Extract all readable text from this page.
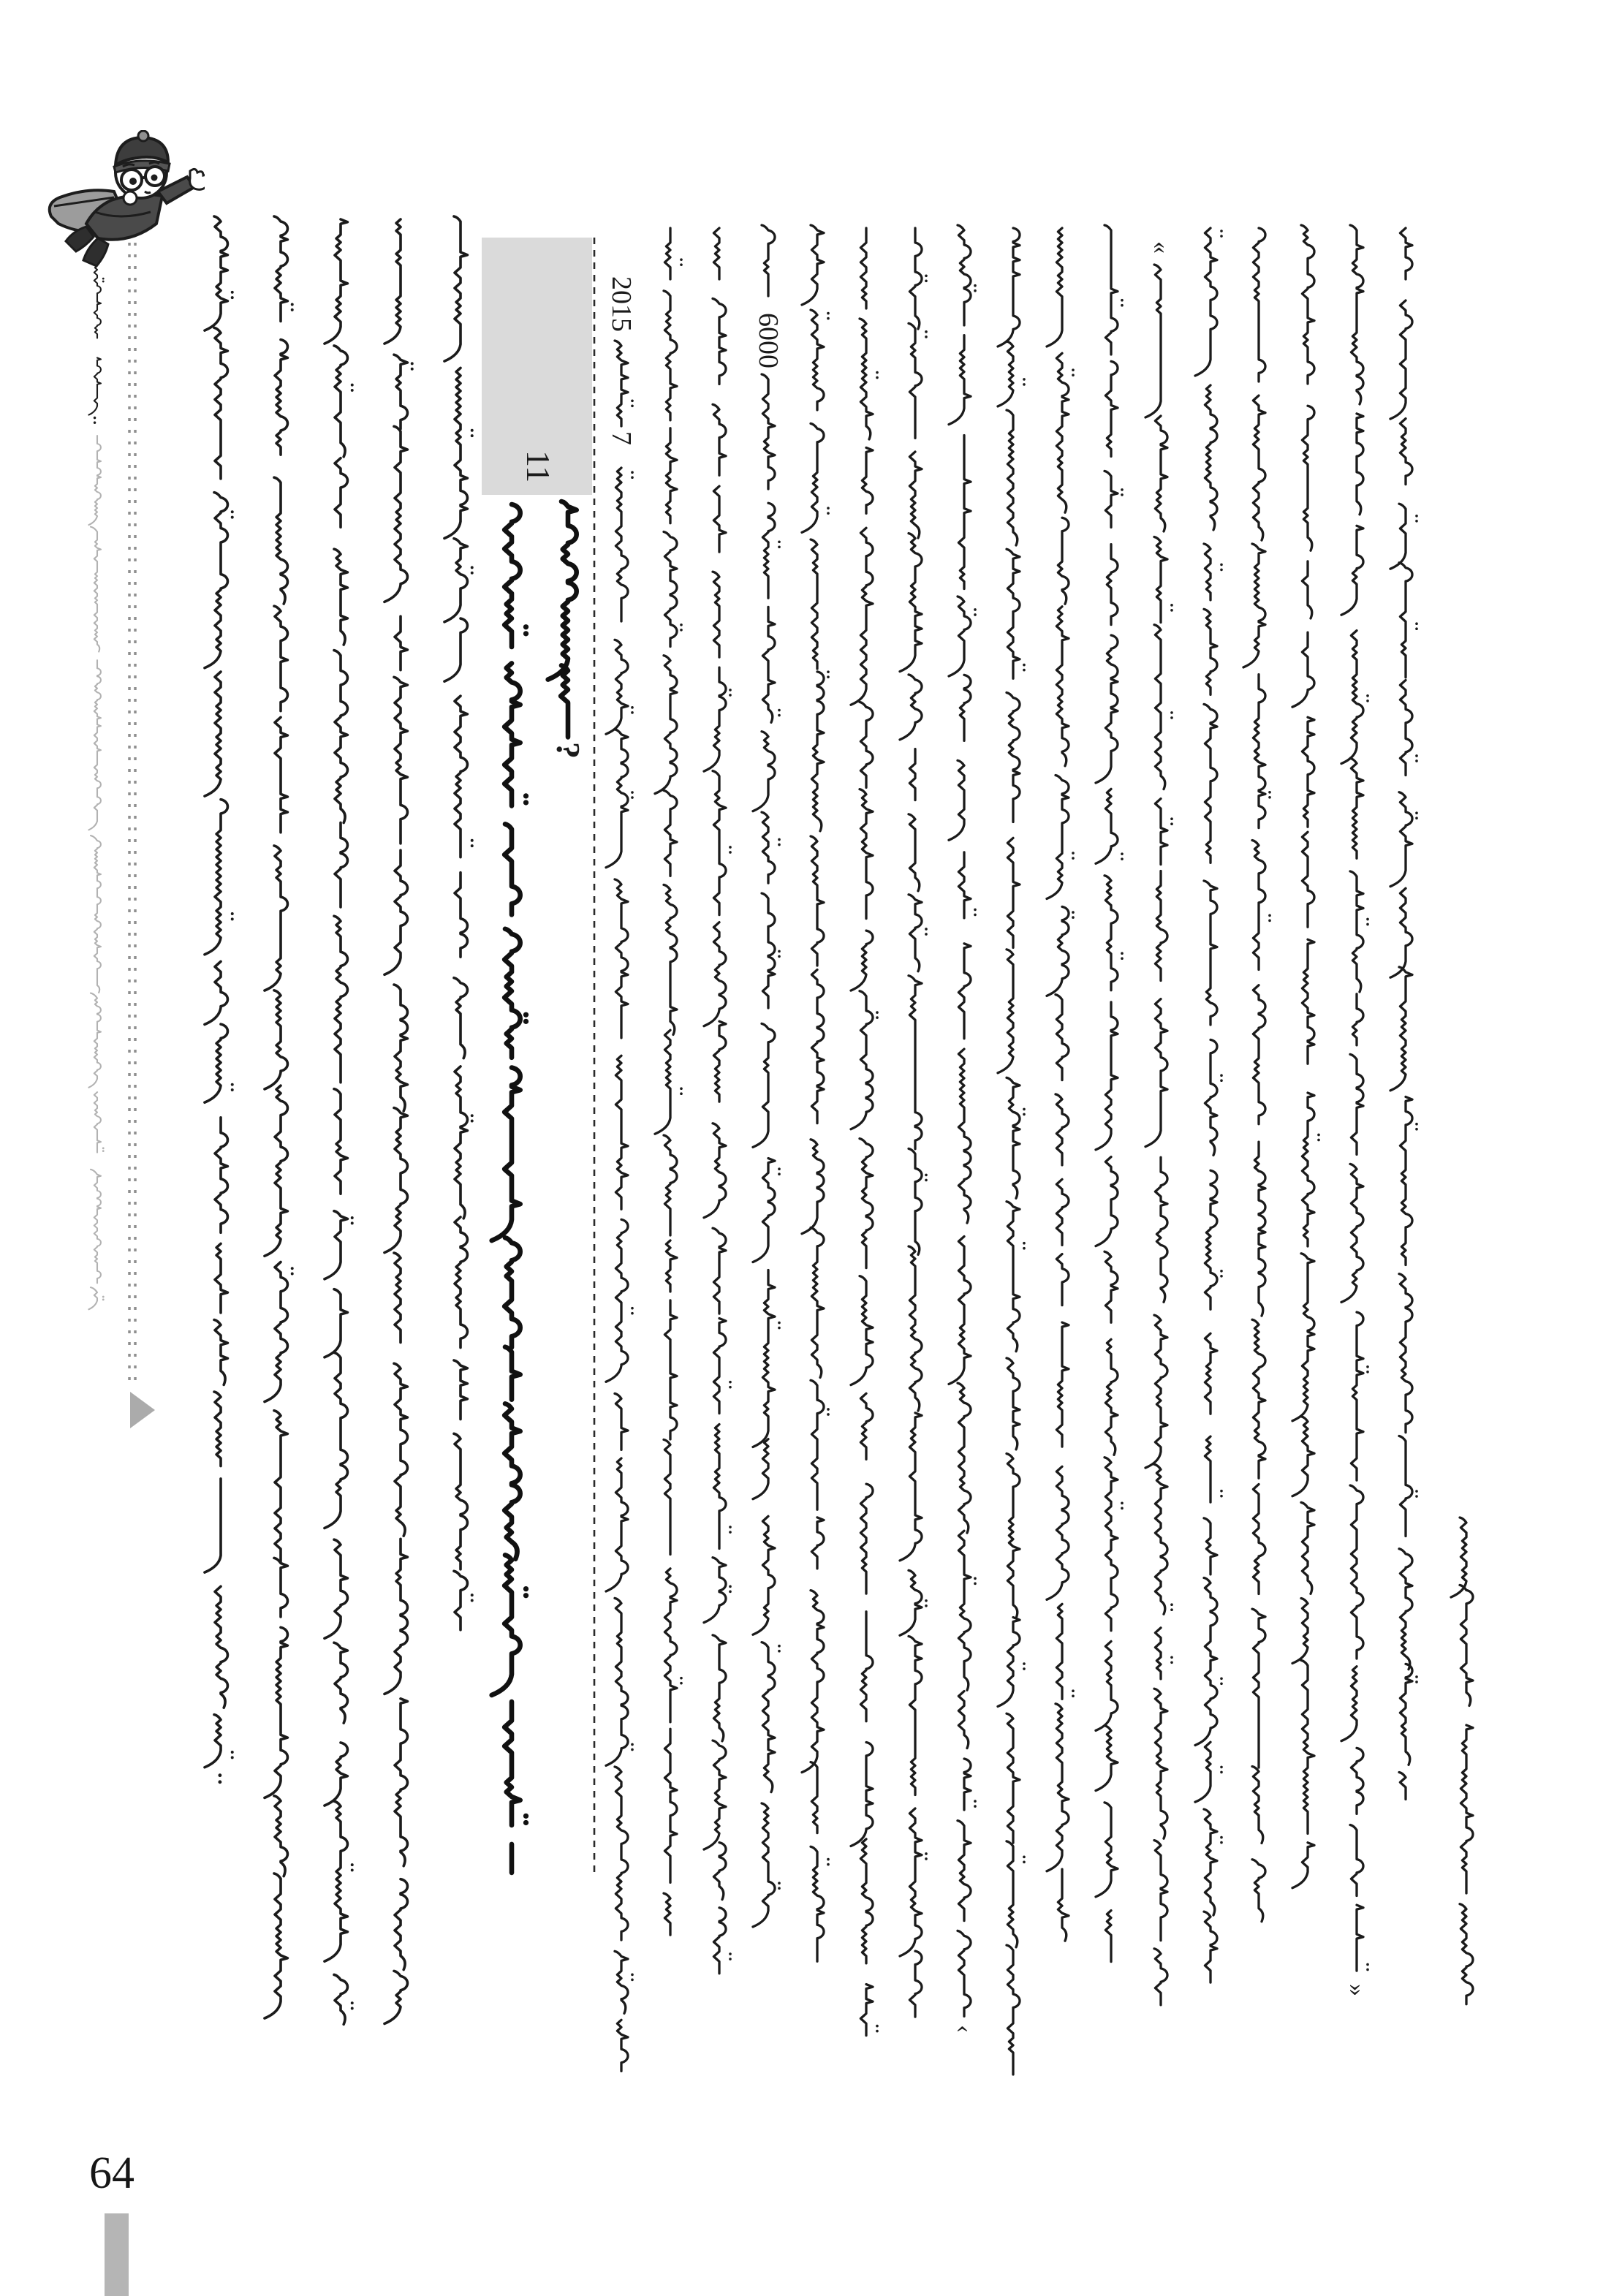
11
?
64
2015
7
6000
«
»
‹
:
:
